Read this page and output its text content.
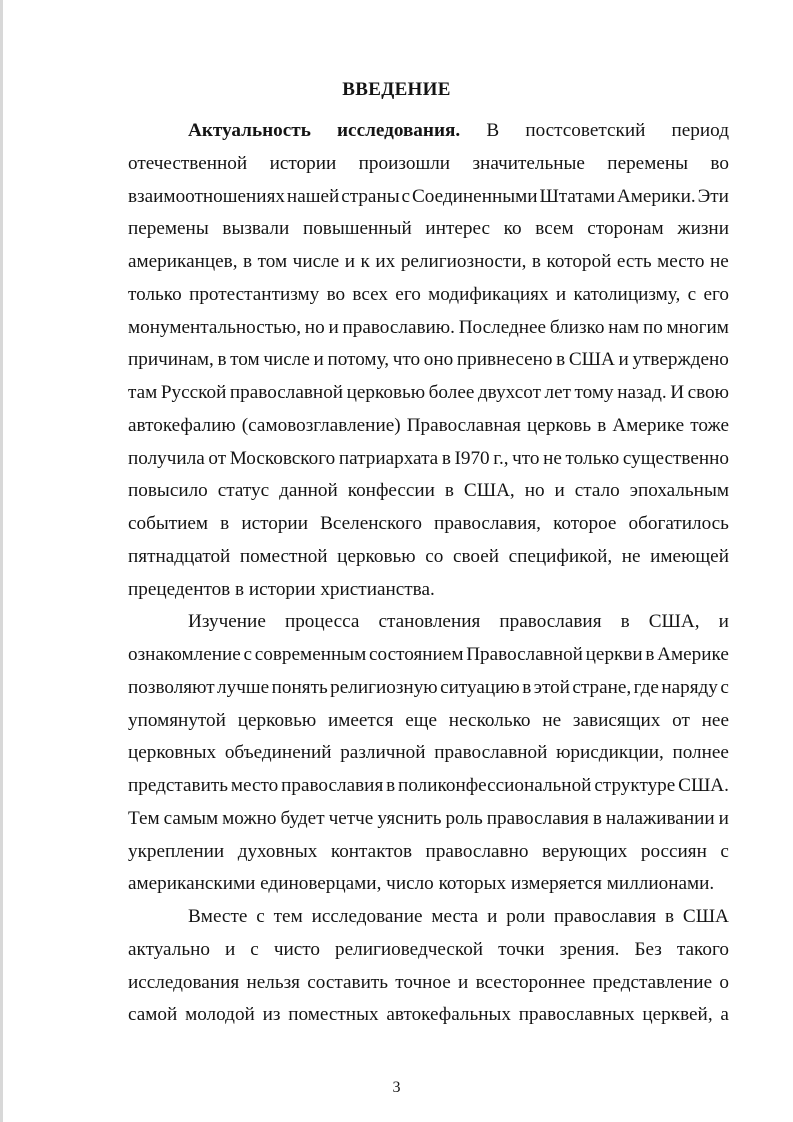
ВВЕДЕНИЕ
Актуальность исследования. В постсоветский период
отечественной истории произошли значительные перемены во
взаимоотношениях нашей страны с Соединенными Штатами Америки. Эти
перемены вызвали повышенный интерес ко всем сторонам жизни
американцев, в том числе и к их религиозности, в которой есть место не
только протестантизму во всех его модификациях и католицизму, с его
монументальностью, но и православию. Последнее близко нам по многим
причинам, в том числе и потому, что оно привнесено в США и утверждено
там Русской православной церковью более двухсот лет тому назад. И свою
автокефалию (самовозглавление) Православная церковь в Америке тоже
получила от Московского патриархата в I970 г., что не только существенно
повысило статус данной конфессии в США, но и стало эпохальным
событием в истории Вселенского православия, которое обогатилось
пятнадцатой поместной церковью со своей спецификой, не имеющей
прецедентов в истории христианства.
Изучение процесса становления православия в США, и
ознакомление с современным состоянием Православной церкви в Америке
позволяют лучше понять религиозную ситуацию в этой стране, где наряду с
упомянутой церковью имеется еще несколько не зависящих от нее
церковных объединений различной православной юрисдикции, полнее
представить место православия в поликонфессиональной структуре США.
Тем самым можно будет четче уяснить роль православия в налаживании и
укреплении духовных контактов православно верующих россиян с
американскими единоверцами, число которых измеряется миллионами.
Вместе с тем исследование места и роли православия в США
актуально и с чисто религиоведческой точки зрения. Без такого
исследования нельзя составить точное и всестороннее представление о
самой молодой из поместных автокефальных православных церквей, а
3
